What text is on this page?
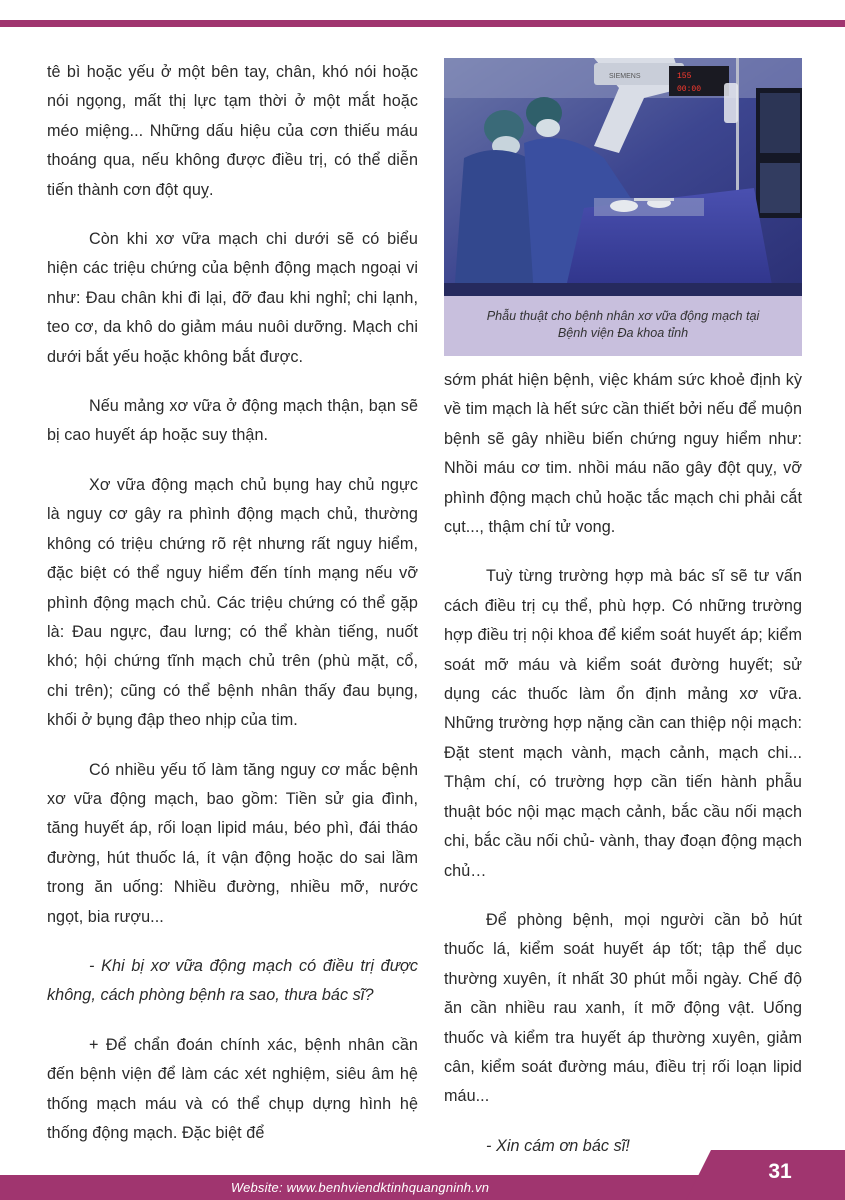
tê bì hoặc yếu ở một bên tay, chân, khó nói hoặc nói ngọng, mất thị lực tạm thời ở một mắt hoặc méo miệng... Những dấu hiệu của cơn thiếu máu thoáng qua, nếu không được điều trị, có thể diễn tiến thành cơn đột quỵ.

Còn khi xơ vữa mạch chi dưới sẽ có biểu hiện các triệu chứng của bệnh động mạch ngoại vi như: Đau chân khi đi lại, đỡ đau khi nghỉ; chi lạnh, teo cơ, da khô do giảm máu nuôi dưỡng. Mạch chi dưới bắt yếu hoặc không bắt được.

Nếu mảng xơ vữa ở động mạch thận, bạn sẽ bị cao huyết áp hoặc suy thận.

Xơ vữa động mạch chủ bụng hay chủ ngực là nguy cơ gây ra phình động mạch chủ, thường không có triệu chứng rõ rệt nhưng rất nguy hiểm, đặc biệt có thể nguy hiểm đến tính mạng nếu vỡ phình động mạch chủ. Các triệu chứng có thể gặp là: Đau ngực, đau lưng; có thể khàn tiếng, nuốt khó; hội chứng tĩnh mạch chủ trên (phù mặt, cổ, chi trên); cũng có thể bệnh nhân thấy đau bụng, khối ở bụng đập theo nhịp của tim.

Có nhiều yếu tố làm tăng nguy cơ mắc bệnh xơ vữa động mạch, bao gồm: Tiền sử gia đình, tăng huyết áp, rối loạn lipid máu, béo phì, đái tháo đường, hút thuốc lá, ít vận động hoặc do sai lầm trong ăn uống: Nhiều đường, nhiều mỡ, nước ngọt, bia rượu...

- Khi bị xơ vữa động mạch có điều trị được không, cách phòng bệnh ra sao, thưa bác sĩ?

+ Để chẩn đoán chính xác, bệnh nhân cần đến bệnh viện để làm các xét nghiệm, siêu âm hệ thống mạch máu và có thể chụp dựng hình hệ thống động mạch. Đặc biệt để

SIEMENS	155
00:00
Phẫu thuật cho bệnh nhân xơ vữa động mạch tại
Bệnh viện Đa khoa tỉnh

sớm phát hiện bệnh, việc khám sức khoẻ định kỳ về tim mạch là hết sức cần thiết bởi nếu để muộn bệnh sẽ gây nhiều biến chứng nguy hiểm như: Nhồi máu cơ tim. nhồi máu não gây đột quỵ, vỡ phình động mạch chủ hoặc tắc mạch chi phải cắt cụt..., thậm chí tử vong.

Tuỳ từng trường hợp mà bác sĩ sẽ tư vấn cách điều trị cụ thể, phù hợp. Có những trường hợp điều trị nội khoa để kiểm soát huyết áp; kiểm soát mỡ máu và kiểm soát đường huyết; sử dụng các thuốc làm ổn định mảng xơ vữa. Những trường hợp nặng cần can thiệp nội mạch: Đặt stent mạch vành, mạch cảnh, mạch chi... Thậm chí, có trường hợp cần tiến hành phẫu thuật bóc nội mạc mạch cảnh, bắc cầu nối mạch chi, bắc cầu nối chủ- vành, thay đoạn động mạch chủ…

Để phòng bệnh, mọi người cần bỏ hút thuốc lá, kiểm soát huyết áp tốt; tập thể dục thường xuyên, ít nhất 30 phút mỗi ngày. Chế độ ăn cần nhiều rau xanh, ít mỡ động vật. Uống thuốc và kiểm tra huyết áp thường xuyên, giảm cân, kiểm soát đường máu, điều trị rối loạn lipid máu...

- Xin cám ơn bác sĩ!

Website: www.benhviendktinhquangninh.vn
31
